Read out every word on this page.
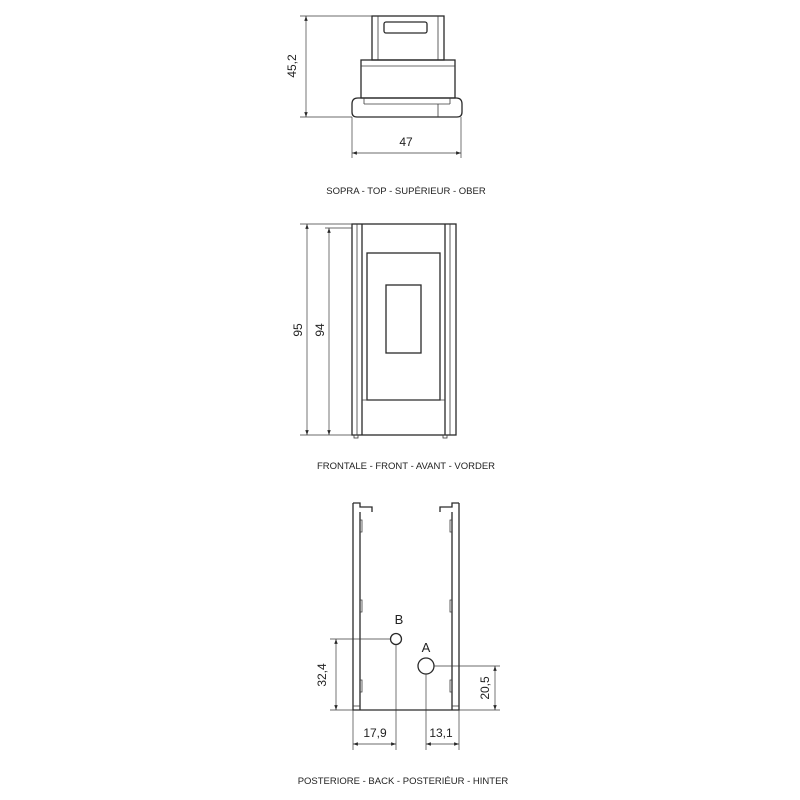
45,2
47
SOPRA - TOP - SUPÉRIEUR - OBER
95 94
FRONTALE - FRONT - AVANT - VORDER
B
A
32,4
20,5
17,9	13,1
POSTERIORE - BACK - POSTERIÉUR - HINTER
